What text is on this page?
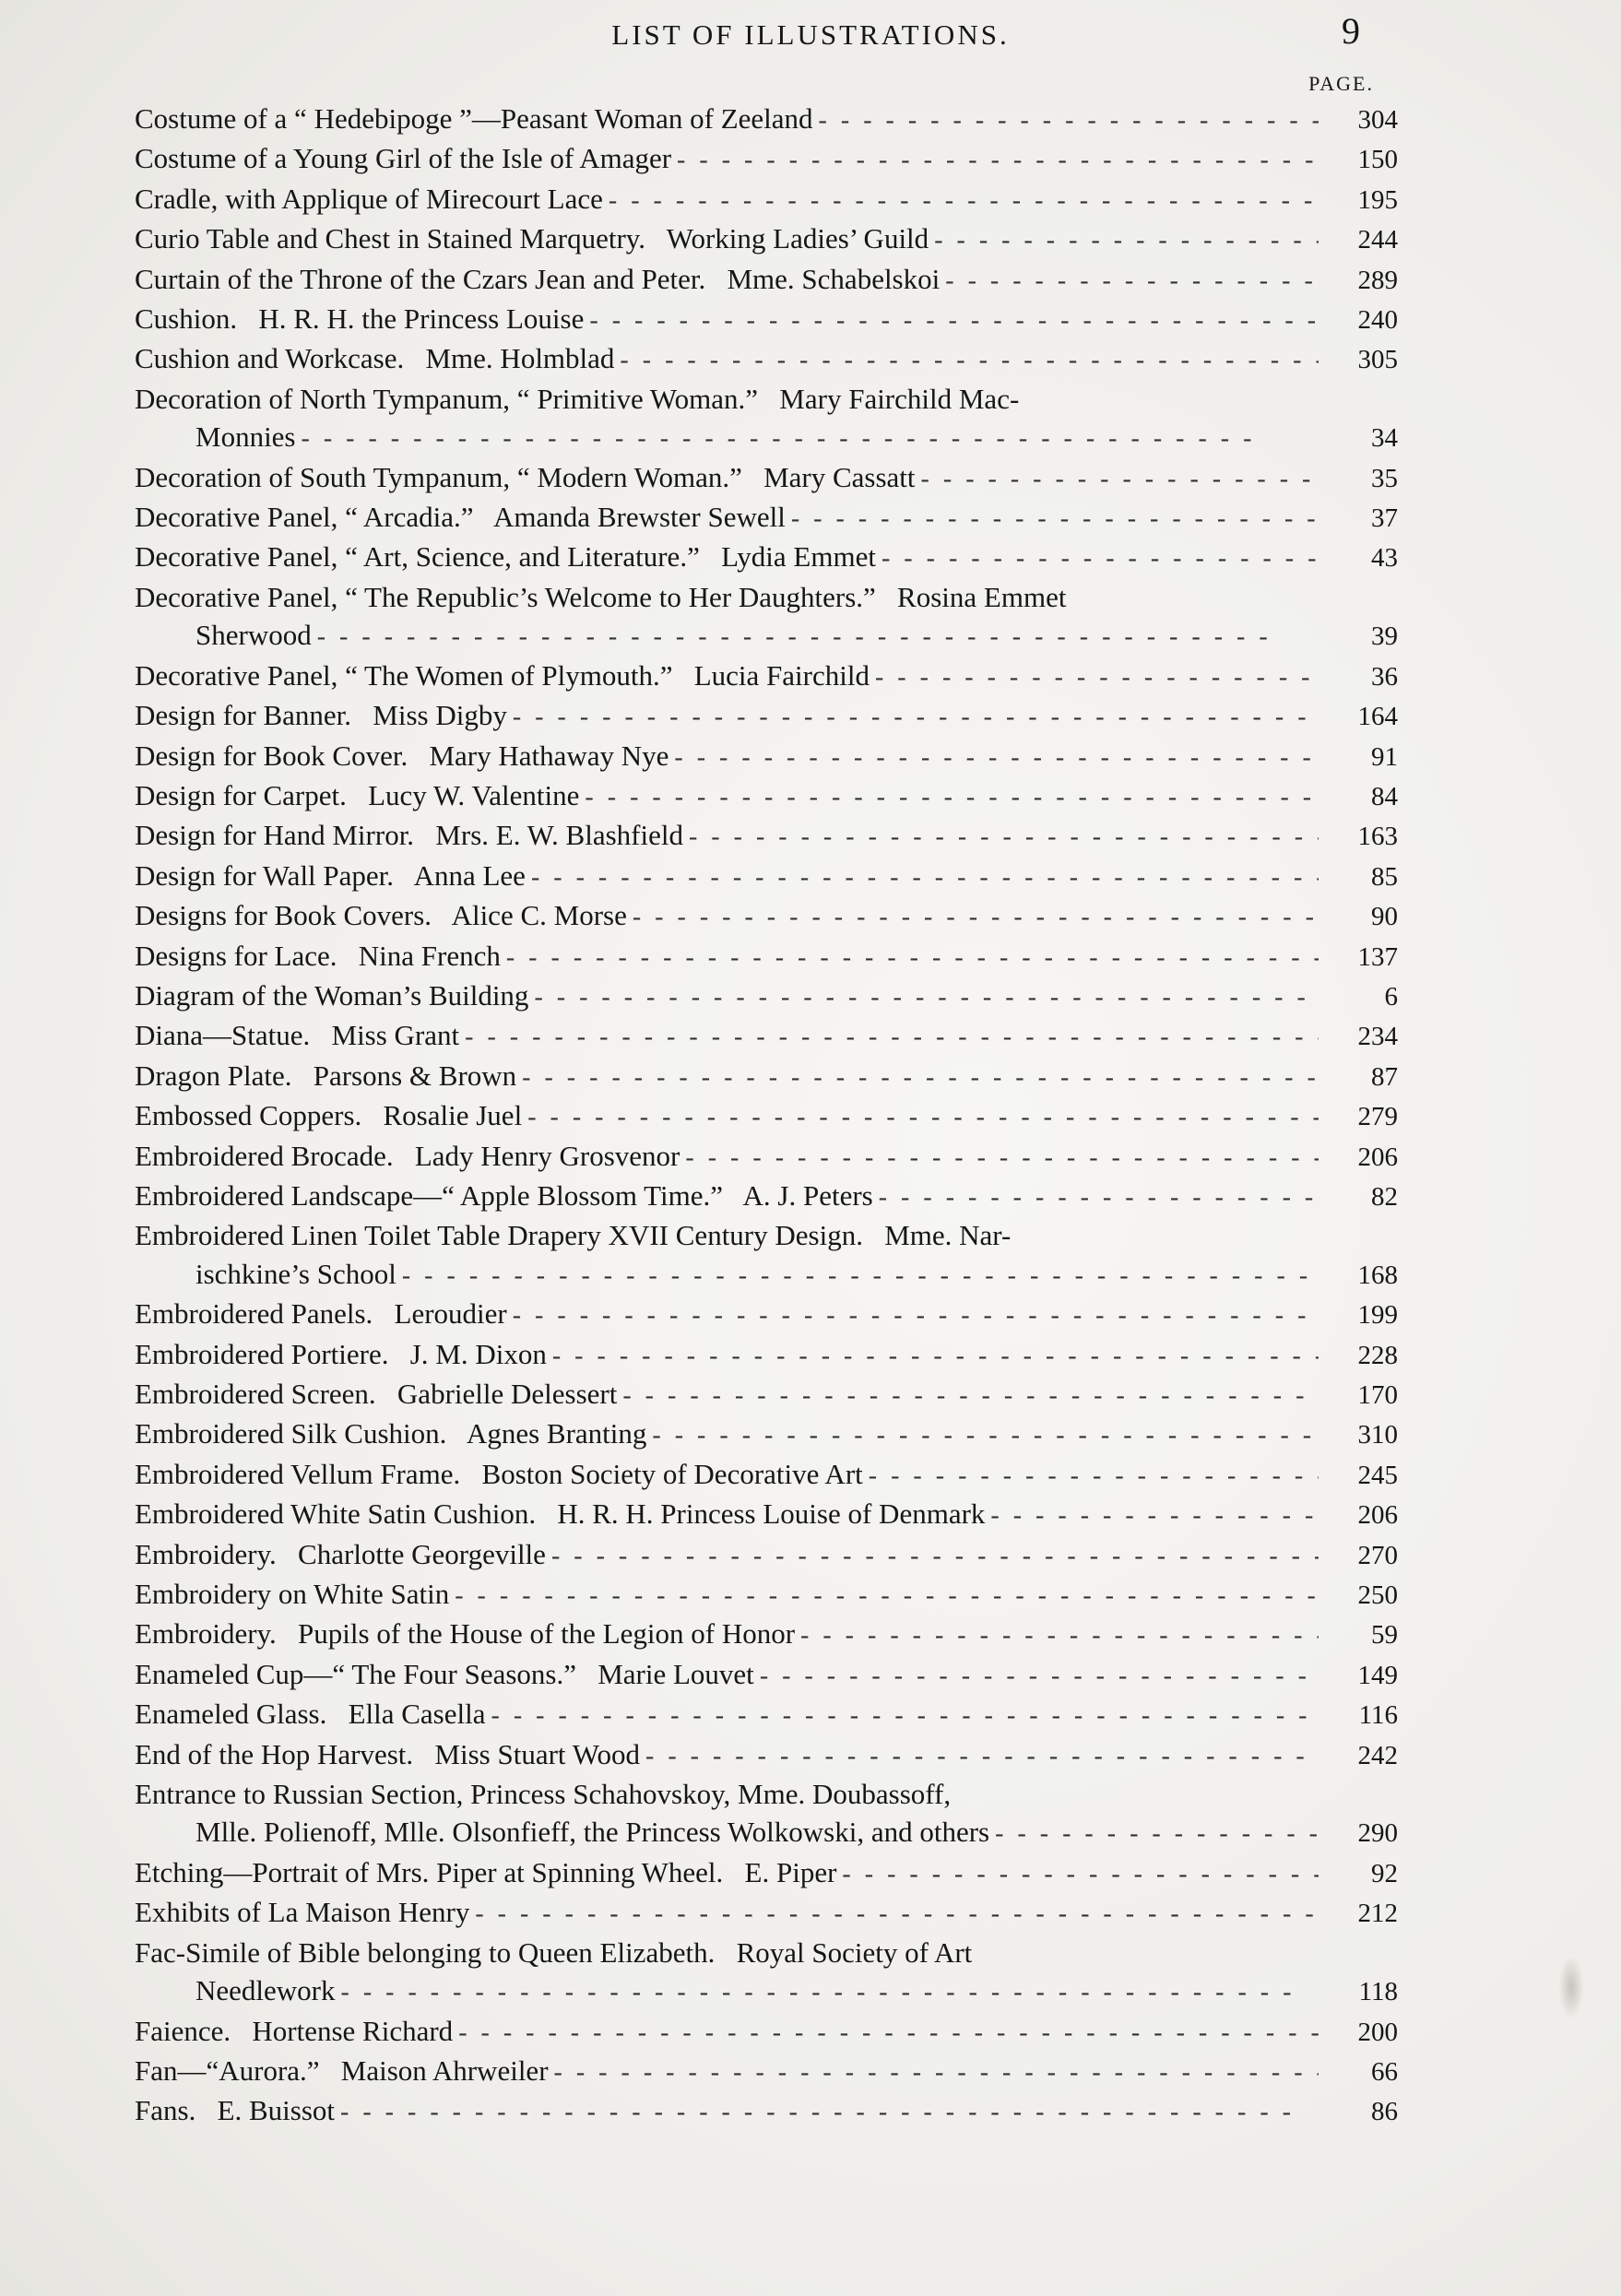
LIST OF ILLUSTRATIONS.	9
PAGE.
Costume of a “ Hedebipoge ”—Peasant Woman of Zeeland - -	304
Costume of a Young Girl of the Isle of Amager - -	150
Cradle, with Applique of Mirecourt Lace - -	195
Curio Table and Chest in Stained Marquetry.   Working Ladies’ Guild - -	244
Curtain of the Throne of the Czars Jean and Peter.   Mme. Schabelskoi - -	289
Cushion.   H. R. H. the Princess Louise - -	240
Cushion and Workcase.   Mme. Holmblad - -	305
Decoration of North Tympanum, “ Primitive Woman.”   Mary Fairchild Mac-
Monnies - -	34
Decoration of South Tympanum, “ Modern Woman.”   Mary Cassatt - -	35
Decorative Panel, “ Arcadia.”   Amanda Brewster Sewell - -	37
Decorative Panel, “ Art, Science, and Literature.”   Lydia Emmet - -	43
Decorative Panel, “ The Republic’s Welcome to Her Daughters.”   Rosina Emmet
Sherwood - -	39
Decorative Panel, “ The Women of Plymouth.”   Lucia Fairchild - -	36
Design for Banner.   Miss Digby - -	164
Design for Book Cover.   Mary Hathaway Nye - -	91
Design for Carpet.   Lucy W. Valentine - -	84
Design for Hand Mirror.   Mrs. E. W. Blashfield - -	163
Design for Wall Paper.   Anna Lee - -	85
Designs for Book Covers.   Alice C. Morse - -	90
Designs for Lace.   Nina French - -	137
Diagram of the Woman’s Building - -	6
Diana—Statue.   Miss Grant - -	234
Dragon Plate.   Parsons & Brown - -	87
Embossed Coppers.   Rosalie Juel - -	279
Embroidered Brocade.   Lady Henry Grosvenor - -	206
Embroidered Landscape—“ Apple Blossom Time.”   A. J. Peters - -	82
Embroidered Linen Toilet Table Drapery XVII Century Design.   Mme. Nar-
ischkine’s School - -	168
Embroidered Panels.   Leroudier - -	199
Embroidered Portiere.   J. M. Dixon - -	228
Embroidered Screen.   Gabrielle Delessert - -	170
Embroidered Silk Cushion.   Agnes Branting - -	310
Embroidered Vellum Frame.   Boston Society of Decorative Art - -	245
Embroidered White Satin Cushion.   H. R. H. Princess Louise of Denmark - -	206
Embroidery.   Charlotte Georgeville - -	270
Embroidery on White Satin - -	250
Embroidery.   Pupils of the House of the Legion of Honor - -	59
Enameled Cup—“ The Four Seasons.”   Marie Louvet - -	149
Enameled Glass.   Ella Casella - -	116
End of the Hop Harvest.   Miss Stuart Wood - -	242
Entrance to Russian Section, Princess Schahovskoy, Mme. Doubassoff,
Mlle. Polienoff, Mlle. Olsonfieff, the Princess Wolkowski, and others - -	290
Etching—Portrait of Mrs. Piper at Spinning Wheel.   E. Piper - -	92
Exhibits of La Maison Henry - -	212
Fac-Simile of Bible belonging to Queen Elizabeth.   Royal Society of Art
Needlework - -	118
Faience.   Hortense Richard - -	200
Fan—“Aurora.”   Maison Ahrweiler - -	66
Fans.   E. Buissot - -	86
